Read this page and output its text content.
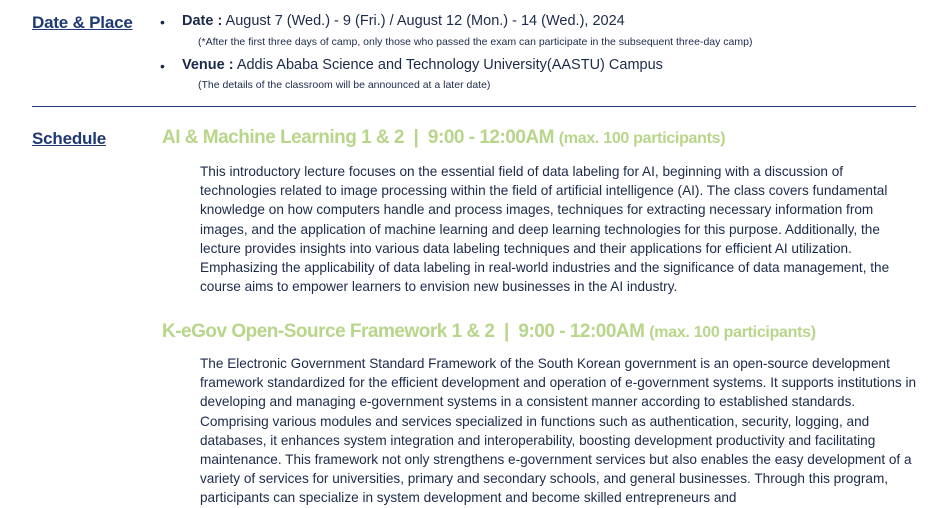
Date & Place • Date : August 7 (Wed.) - 9 (Fri.) / August 12 (Mon.) - 14 (Wed.), 2024
(*After the first three days of camp, only those who passed the exam can participate in the subsequent three-day camp)
• Venue : Addis Ababa Science and Technology University(AASTU) Campus
(The details of the classroom will be announced at a later date)
Schedule	AI & Machine Learning 1 & 2  |  9:00 - 12:00AM (max. 100 participants)
This introductory lecture focuses on the essential field of data labeling for AI, beginning with a discussion of technologies related to image processing within the field of artificial intelligence (AI). The class covers fundamental knowledge on how computers handle and process images, techniques for extracting necessary information from images, and the application of machine learning and deep learning technologies for this purpose. Additionally, the lecture provides insights into various data labeling techniques and their applications for efficient AI utilization. Emphasizing the applicability of data labeling in real-world industries and the significance of data management, the course aims to empower learners to envision new businesses in the AI industry.
K-eGov Open-Source Framework 1 & 2  |  9:00 - 12:00AM (max. 100 participants)
The Electronic Government Standard Framework of the South Korean government is an open-source development framework standardized for the efficient development and operation of e-government systems. It supports institutions in developing and managing e-government systems in a consistent manner according to established standards. Comprising various modules and services specialized in functions such as authentication, security, logging, and databases, it enhances system integration and interoperability, boosting development productivity and facilitating maintenance. This framework not only strengthens e-government services but also enables the easy development of a variety of services for universities, primary and secondary schools, and general businesses. Through this program, participants can specialize in system development and become skilled entrepreneurs and
